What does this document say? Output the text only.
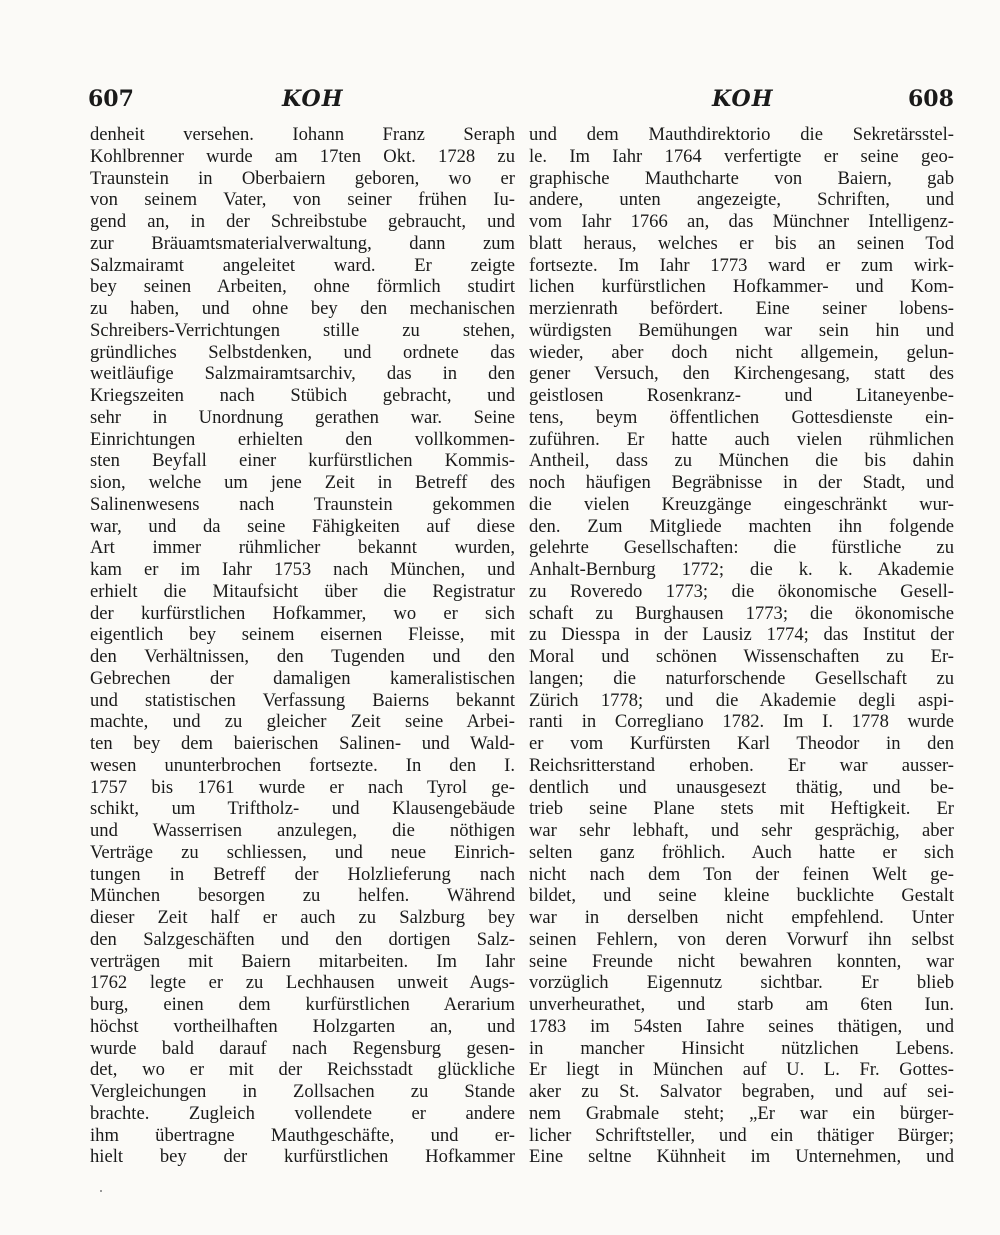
607	KOH	KOH	608
denheit versehen. Iohann Franz Seraph
Kohlbrenner wurde am 17ten Okt. 1728 zu
Traunstein in Oberbaiern geboren, wo er
von seinem Vater, von seiner frühen Iu-
gend an, in der Schreibstube gebraucht, und
zur Bräuamtsmaterialverwaltung, dann zum
Salzmairamt angeleitet ward. Er zeigte
bey seinen Arbeiten, ohne förmlich studirt
zu haben, und ohne bey den mechanischen
Schreibers-Verrichtungen stille zu stehen,
gründliches Selbstdenken, und ordnete das
weitläufige Salzmairamtsarchiv, das in den
Kriegszeiten nach Stübich gebracht, und
sehr in Unordnung gerathen war. Seine
Einrichtungen erhielten den vollkommen-
sten Beyfall einer kurfürstlichen Kommis-
sion, welche um jene Zeit in Betreff des
Salinenwesens nach Traunstein gekommen
war, und da seine Fähigkeiten auf diese
Art immer rühmlicher bekannt wurden,
kam er im Iahr 1753 nach München, und
erhielt die Mitaufsicht über die Registratur
der kurfürstlichen Hofkammer, wo er sich
eigentlich bey seinem eisernen Fleisse, mit
den Verhältnissen, den Tugenden und den
Gebrechen der damaligen kameralistischen
und statistischen Verfassung Baierns bekannt
machte, und zu gleicher Zeit seine Arbei-
ten bey dem baierischen Salinen- und Wald-
wesen ununterbrochen fortsezte. In den I.
1757 bis 1761 wurde er nach Tyrol ge-
schikt, um Triftholz- und Klausengebäude
und Wasserrisen anzulegen, die nöthigen
Verträge zu schliessen, und neue Einrich-
tungen in Betreff der Holzlieferung nach
München besorgen zu helfen. Während
dieser Zeit half er auch zu Salzburg bey
den Salzgeschäften und den dortigen Salz-
verträgen mit Baiern mitarbeiten. Im Iahr
1762 legte er zu Lechhausen unweit Augs-
burg, einen dem kurfürstlichen Aerarium
höchst vortheilhaften Holzgarten an, und
wurde bald darauf nach Regensburg gesen-
det, wo er mit der Reichsstadt glückliche
Vergleichungen in Zollsachen zu Stande
brachte. Zugleich vollendete er andere
ihm übertragne Mauthgeschäfte, und er-
hielt bey der kurfürstlichen Hofkammer
und dem Mauthdirektorio die Sekretärsstel-
le. Im Iahr 1764 verfertigte er seine geo-
graphische Mauthcharte von Baiern, gab
andere, unten angezeigte, Schriften, und
vom Iahr 1766 an, das Münchner Intelligenz-
blatt heraus, welches er bis an seinen Tod
fortsezte. Im Iahr 1773 ward er zum wirk-
lichen kurfürstlichen Hofkammer- und Kom-
merzienrath befördert. Eine seiner lobens-
würdigsten Bemühungen war sein hin und
wieder, aber doch nicht allgemein, gelun-
gener Versuch, den Kirchengesang, statt des
geistlosen Rosenkranz- und Litaneyenbe-
tens, beym öffentlichen Gottesdienste ein-
zuführen. Er hatte auch vielen rühmlichen
Antheil, dass zu München die bis dahin
noch häufigen Begräbnisse in der Stadt, und
die vielen Kreuzgänge eingeschränkt wur-
den. Zum Mitgliede machten ihn folgende
gelehrte Gesellschaften: die fürstliche zu
Anhalt-Bernburg 1772; die k. k. Akademie
zu Roveredo 1773; die ökonomische Gesell-
schaft zu Burghausen 1773; die ökonomische
zu Diesspa in der Lausiz 1774; das Institut der
Moral und schönen Wissenschaften zu Er-
langen; die naturforschende Gesellschaft zu
Zürich 1778; und die Akademie degli aspi-
ranti in Corregliano 1782. Im I. 1778 wurde
er vom Kurfürsten Karl Theodor in den
Reichsritterstand erhoben. Er war ausser-
dentlich und unausgesezt thätig, und be-
trieb seine Plane stets mit Heftigkeit. Er
war sehr lebhaft, und sehr gesprächig, aber
selten ganz fröhlich. Auch hatte er sich
nicht nach dem Ton der feinen Welt ge-
bildet, und seine kleine bucklichte Gestalt
war in derselben nicht empfehlend. Unter
seinen Fehlern, von deren Vorwurf ihn selbst
seine Freunde nicht bewahren konnten, war
vorzüglich Eigennutz sichtbar. Er blieb
unverheurathet, und starb am 6ten Iun.
1783 im 54sten Iahre seines thätigen, und
in mancher Hinsicht nützlichen Lebens.
Er liegt in München auf U. L. Fr. Gottes-
aker zu St. Salvator begraben, und auf sei-
nem Grabmale steht; „Er war ein bürger-
licher Schriftsteller, und ein thätiger Bürger;
Eine seltne Kühnheit im Unternehmen, und
